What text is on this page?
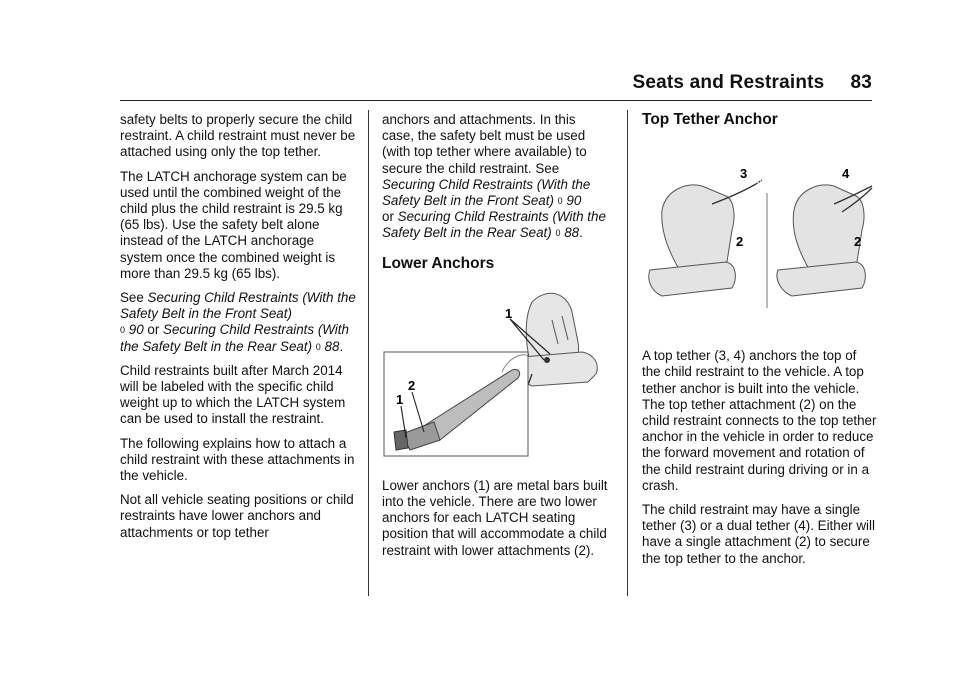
Seats and Restraints 83

safety belts to properly secure the child restraint. A child restraint must never be attached using only the top tether.

The LATCH anchorage system can be used until the combined weight of the child plus the child restraint is 29.5 kg (65 lbs). Use the safety belt alone instead of the LATCH anchorage system once the combined weight is more than 29.5 kg (65 lbs).

See Securing Child Restraints (With the Safety Belt in the Front Seat)
0 90 or Securing Child Restraints (With the Safety Belt in the Rear Seat) 0 88.

Child restraints built after March 2014 will be labeled with the specific child weight up to which the LATCH system can be used to install the restraint.

The following explains how to attach a child restraint with these attachments in the vehicle.

Not all vehicle seating positions or child restraints have lower anchors and attachments or top tether

anchors and attachments. In this case, the safety belt must be used (with top tether where available) to secure the child restraint. See Securing Child Restraints (With the Safety Belt in the Front Seat) 0 90
or Securing Child Restraints (With the Safety Belt in the Rear Seat) 0 88.

Lower Anchors
1
2
1

Lower anchors (1) are metal bars built into the vehicle. There are two lower anchors for each LATCH seating position that will accommodate a child restraint with lower attachments (2).

Top Tether Anchor
3
2
4
2

A top tether (3, 4) anchors the top of the child restraint to the vehicle. A top tether anchor is built into the vehicle. The top tether attachment (2) on the child restraint connects to the top tether anchor in the vehicle in order to reduce the forward movement and rotation of the child restraint during driving or in a crash.

The child restraint may have a single tether (3) or a dual tether (4). Either will have a single attachment (2) to secure the top tether to the anchor.
